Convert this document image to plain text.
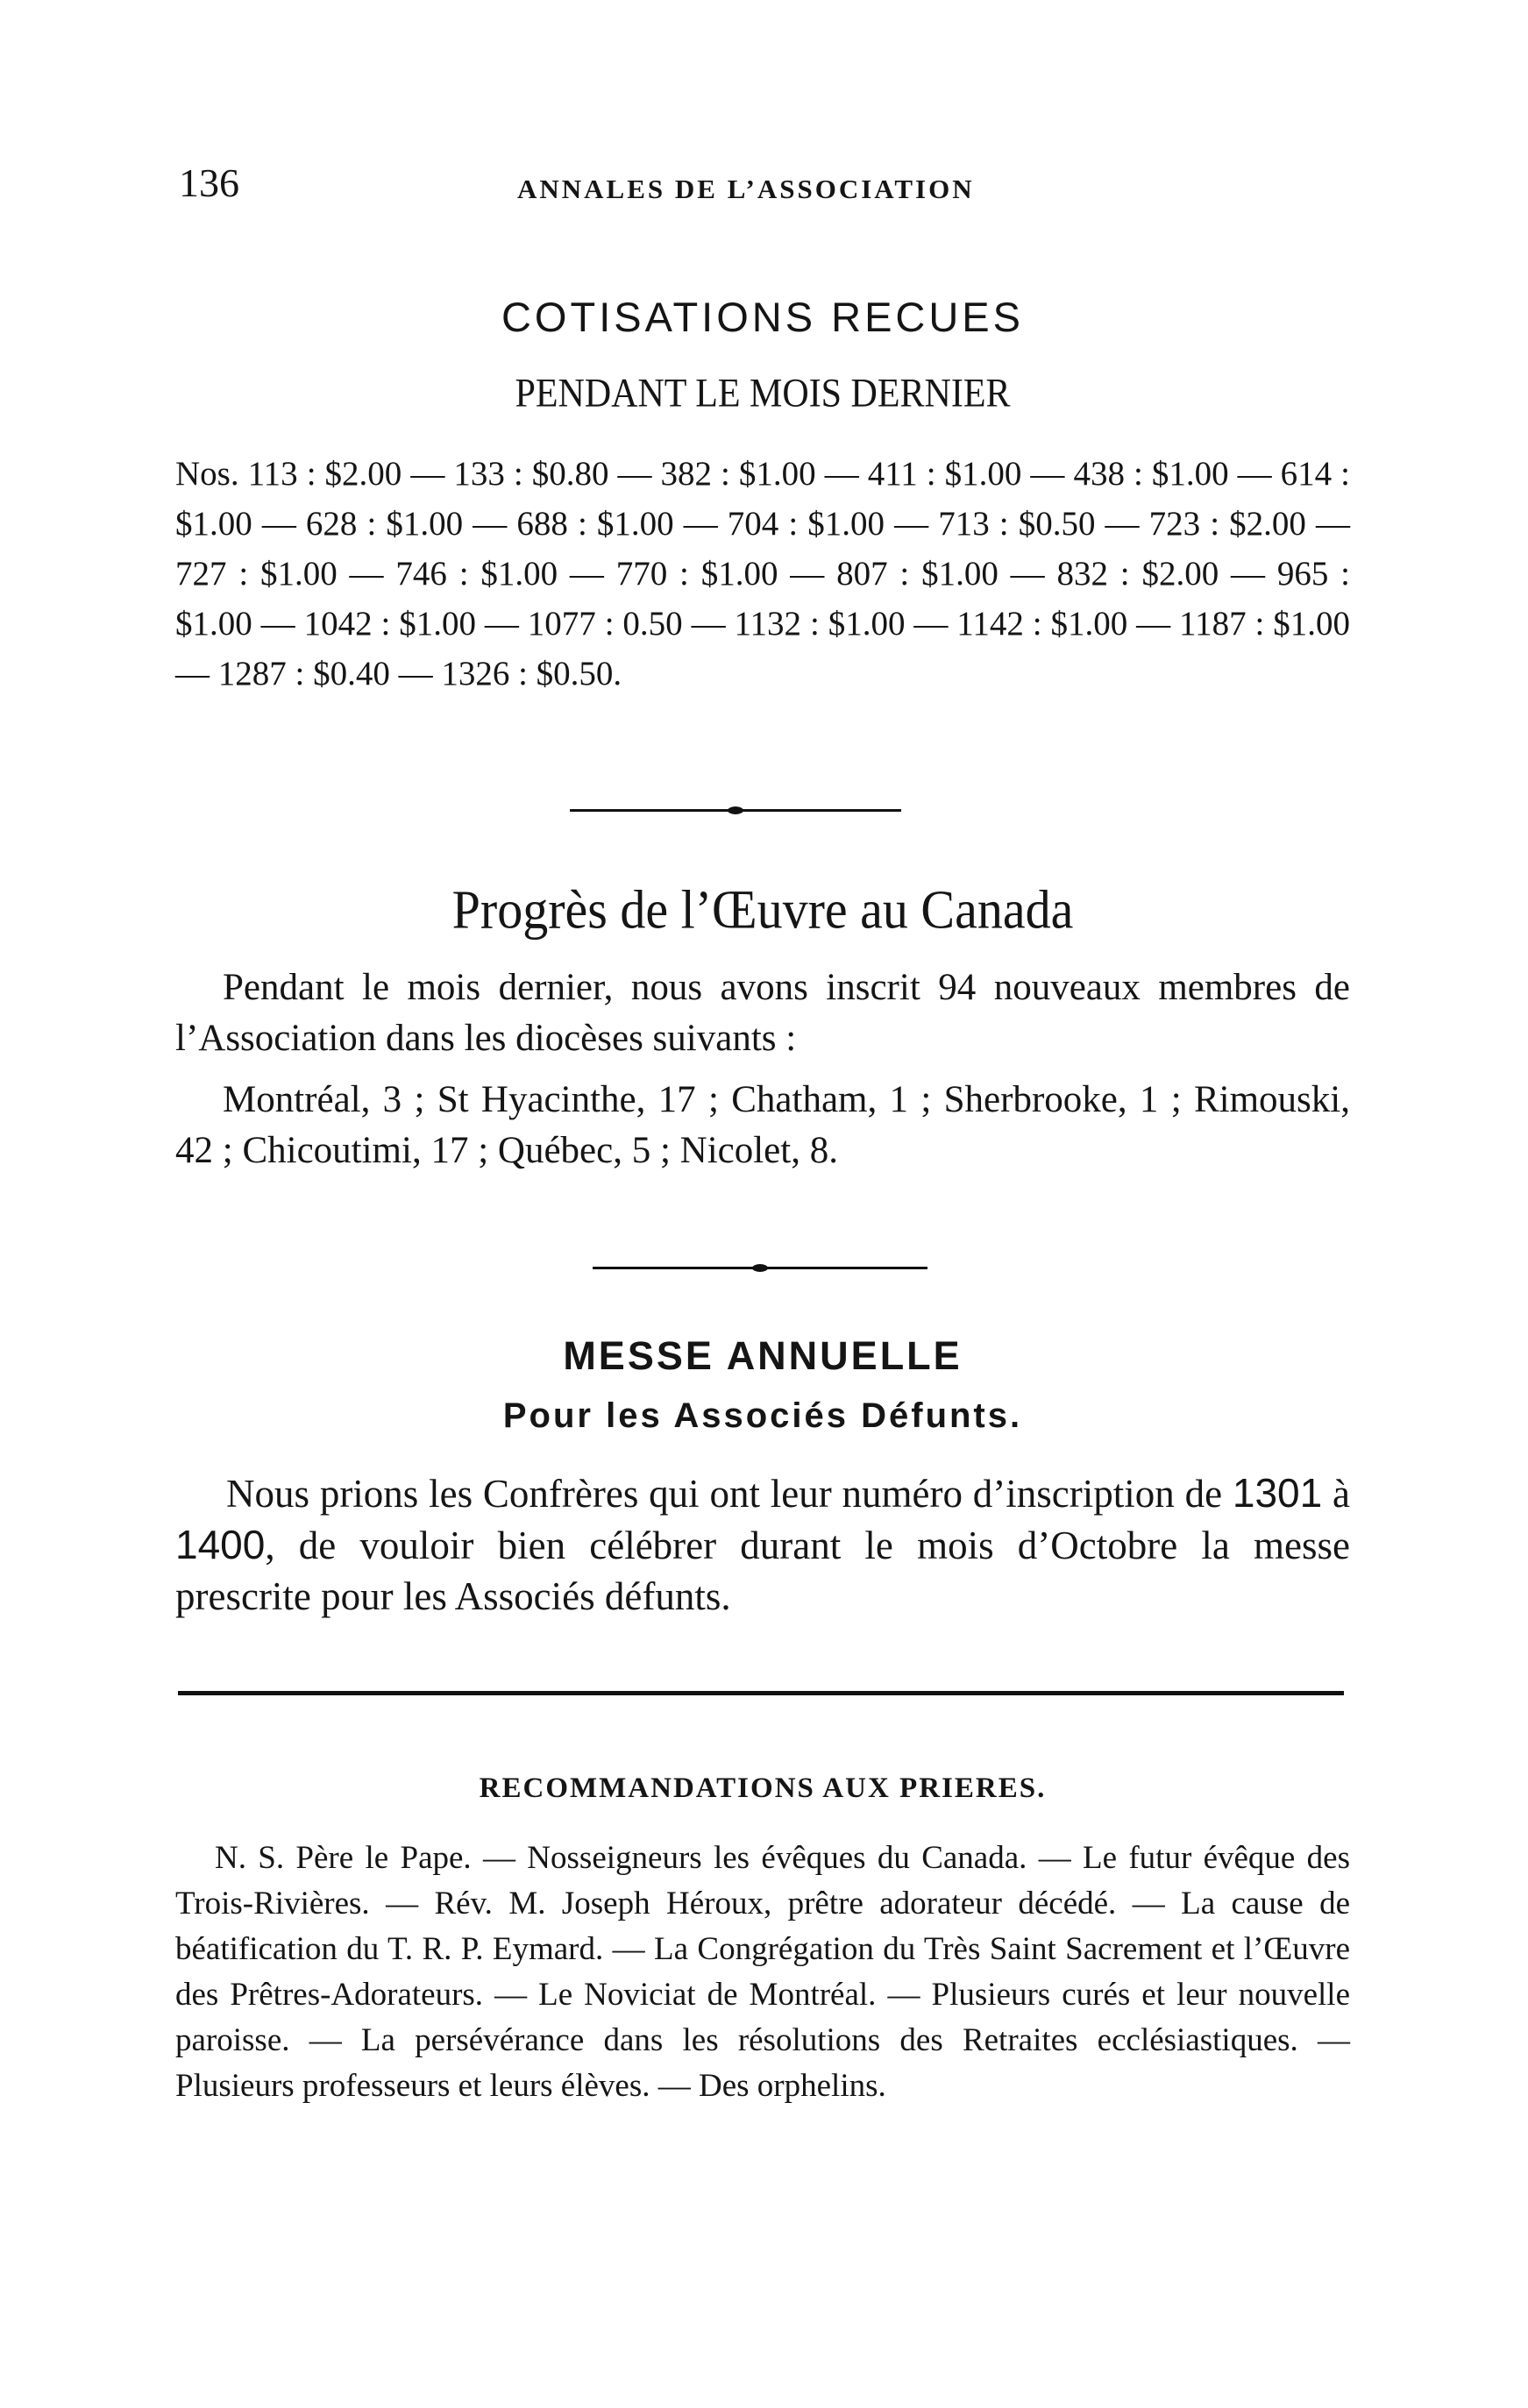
136	ANNALES DE L’ASSOCIATION
COTISATIONS RECUES
PENDANT LE MOIS DERNIER

Nos. 113 : $2.00 — 133 : $0.80 — 382 : $1.00 — 411 : $1.00 — 438 : $1.00 — 614 : $1.00 — 628 : $1.00 — 688 : $1.00 — 704 : $1.00 — 713 : $0.50 — 723 : $2.00 — 727 : $1.00 — 746 : $1.00 — 770 : $1.00 — 807 : $1.00 — 832 : $2.00 — 965 : $1.00 — 1042 : $1.00 — 1077 : 0.50 — 1132 : $1.00 — 1142 : $1.00 — 1187 : $1.00 — 1287 : $0.40 — 1326 : $0.50.

Progrès de l’Œuvre au Canada

Pendant le mois dernier, nous avons inscrit 94 nouveaux membres de l’Association dans les diocèses suivants :

Montréal, 3 ; St Hyacinthe, 17 ; Chatham, 1 ; Sherbrooke, 1 ; Rimouski, 42 ; Chicoutimi, 17 ; Québec, 5 ; Nicolet, 8.

MESSE ANNUELLE
Pour les Associés Défunts.

Nous prions les Confrères qui ont leur numéro d’inscription de 1301 à 1400, de vouloir bien célébrer durant le mois d’Octobre la messe prescrite pour les Associés défunts.

RECOMMANDATIONS AUX PRIERES.

N. S. Père le Pape. — Nosseigneurs les évêques du Canada. — Le futur évêque des Trois-Rivières. — Rév. M. Joseph Héroux, prêtre adorateur décédé. — La cause de béatification du T. R. P. Eymard. — La Congrégation du Très Saint Sacrement et l’Œuvre des Prêtres-Adorateurs. — Le Noviciat de Montréal. — Plusieurs curés et leur nouvelle paroisse. — La persévérance dans les résolutions des Retraites ecclésiastiques. — Plusieurs professeurs et leurs élèves. — Des orphelins.
